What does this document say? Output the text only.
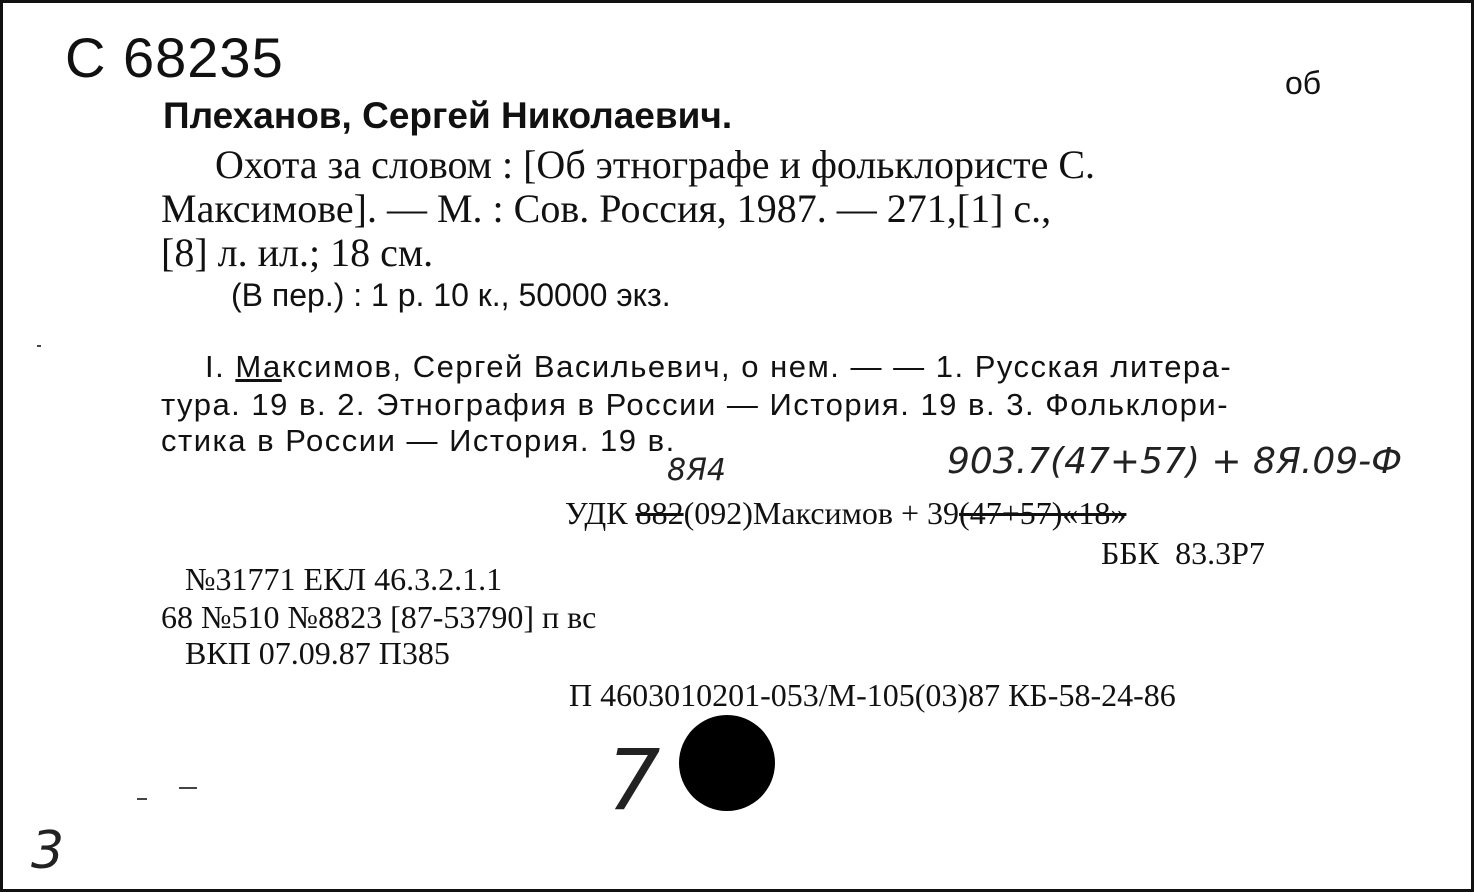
С 68235	об
Плеханов, Сергей Николаевич.
Охота за словом : [Об этнографе и фольклористе С.
Максимове]. — М. : Сов. Россия, 1987. — 271,[1] с.,
[8] л. ил.; 18 см.
(В пер.) : 1 р. 10 к., 50000 экз.
I. Максимов, Сергей Васильевич, о нем. — — 1. Русская литера-
тура. 19 в. 2. Этнография в России — История. 19 в. 3. Фольклори-
стика в России — История. 19 в.
903.7(47+57) + 8Я.09-Ф
8Я4
УДК 882(092)Максимов + 39(47+57)«18»
ББК  83.3Р7
№31771 ЕКЛ 46.3.2.1.1
68 №510 №8823 [87-53790] п вс
ВКП 07.09.87 П385
П 4603010201-053/М-105(03)87 КБ-58-24-86
7
3
